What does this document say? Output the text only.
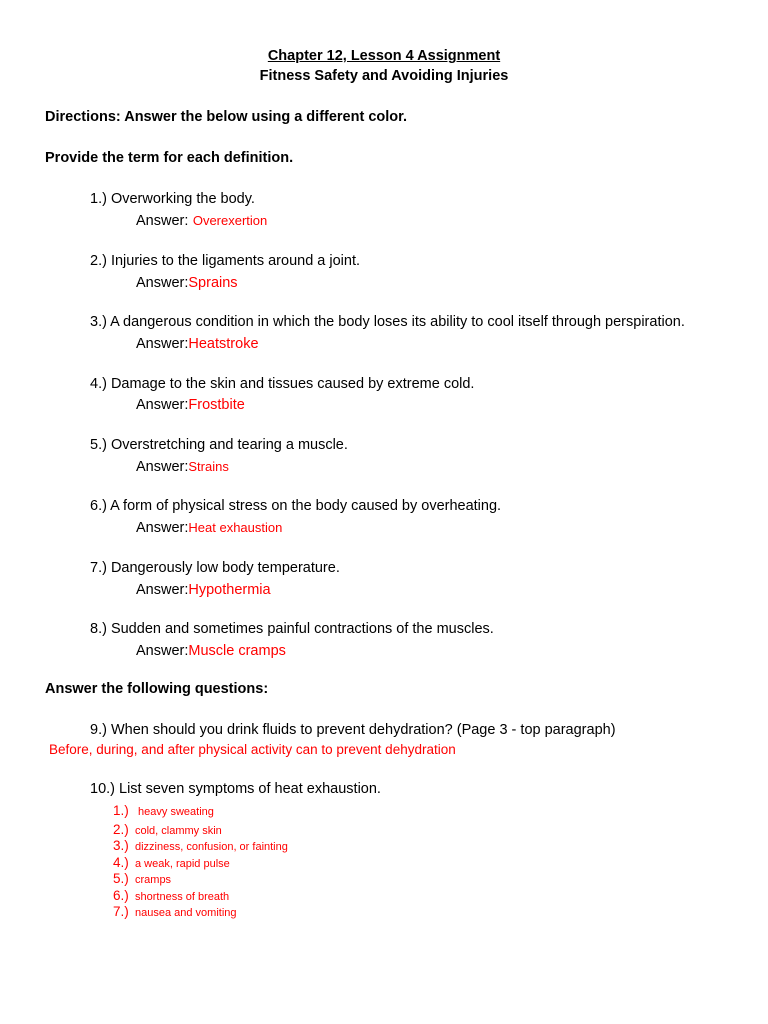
Chapter 12, Lesson 4 Assignment
Fitness Safety and Avoiding Injuries
Directions: Answer the below using a different color.
Provide the term for each definition.
1.) Overworking the body.
Answer: Overexertion
2.) Injuries to the ligaments around a joint.
Answer:Sprains
3.) A dangerous condition in which the body loses its ability to cool itself through perspiration.
Answer:Heatstroke
4.) Damage to the skin and tissues caused by extreme cold.
Answer:Frostbite
5.) Overstretching and tearing a muscle.
Answer:Strains
6.) A form of physical stress on the body caused by overheating.
Answer:Heat exhaustion
7.) Dangerously low body temperature.
Answer:Hypothermia
8.) Sudden and sometimes painful contractions of the muscles.
Answer:Muscle cramps
Answer the following questions:
9.) When should you drink fluids to prevent dehydration? (Page 3 - top paragraph)
Before, during, and after physical activity can to prevent dehydration
10.) List seven symptoms of heat exhaustion.
1.) heavy sweating
2.) cold, clammy skin
3.) dizziness, confusion, or fainting
4.) a weak, rapid pulse
5.) cramps
6.) shortness of breath
7.) nausea and vomiting
